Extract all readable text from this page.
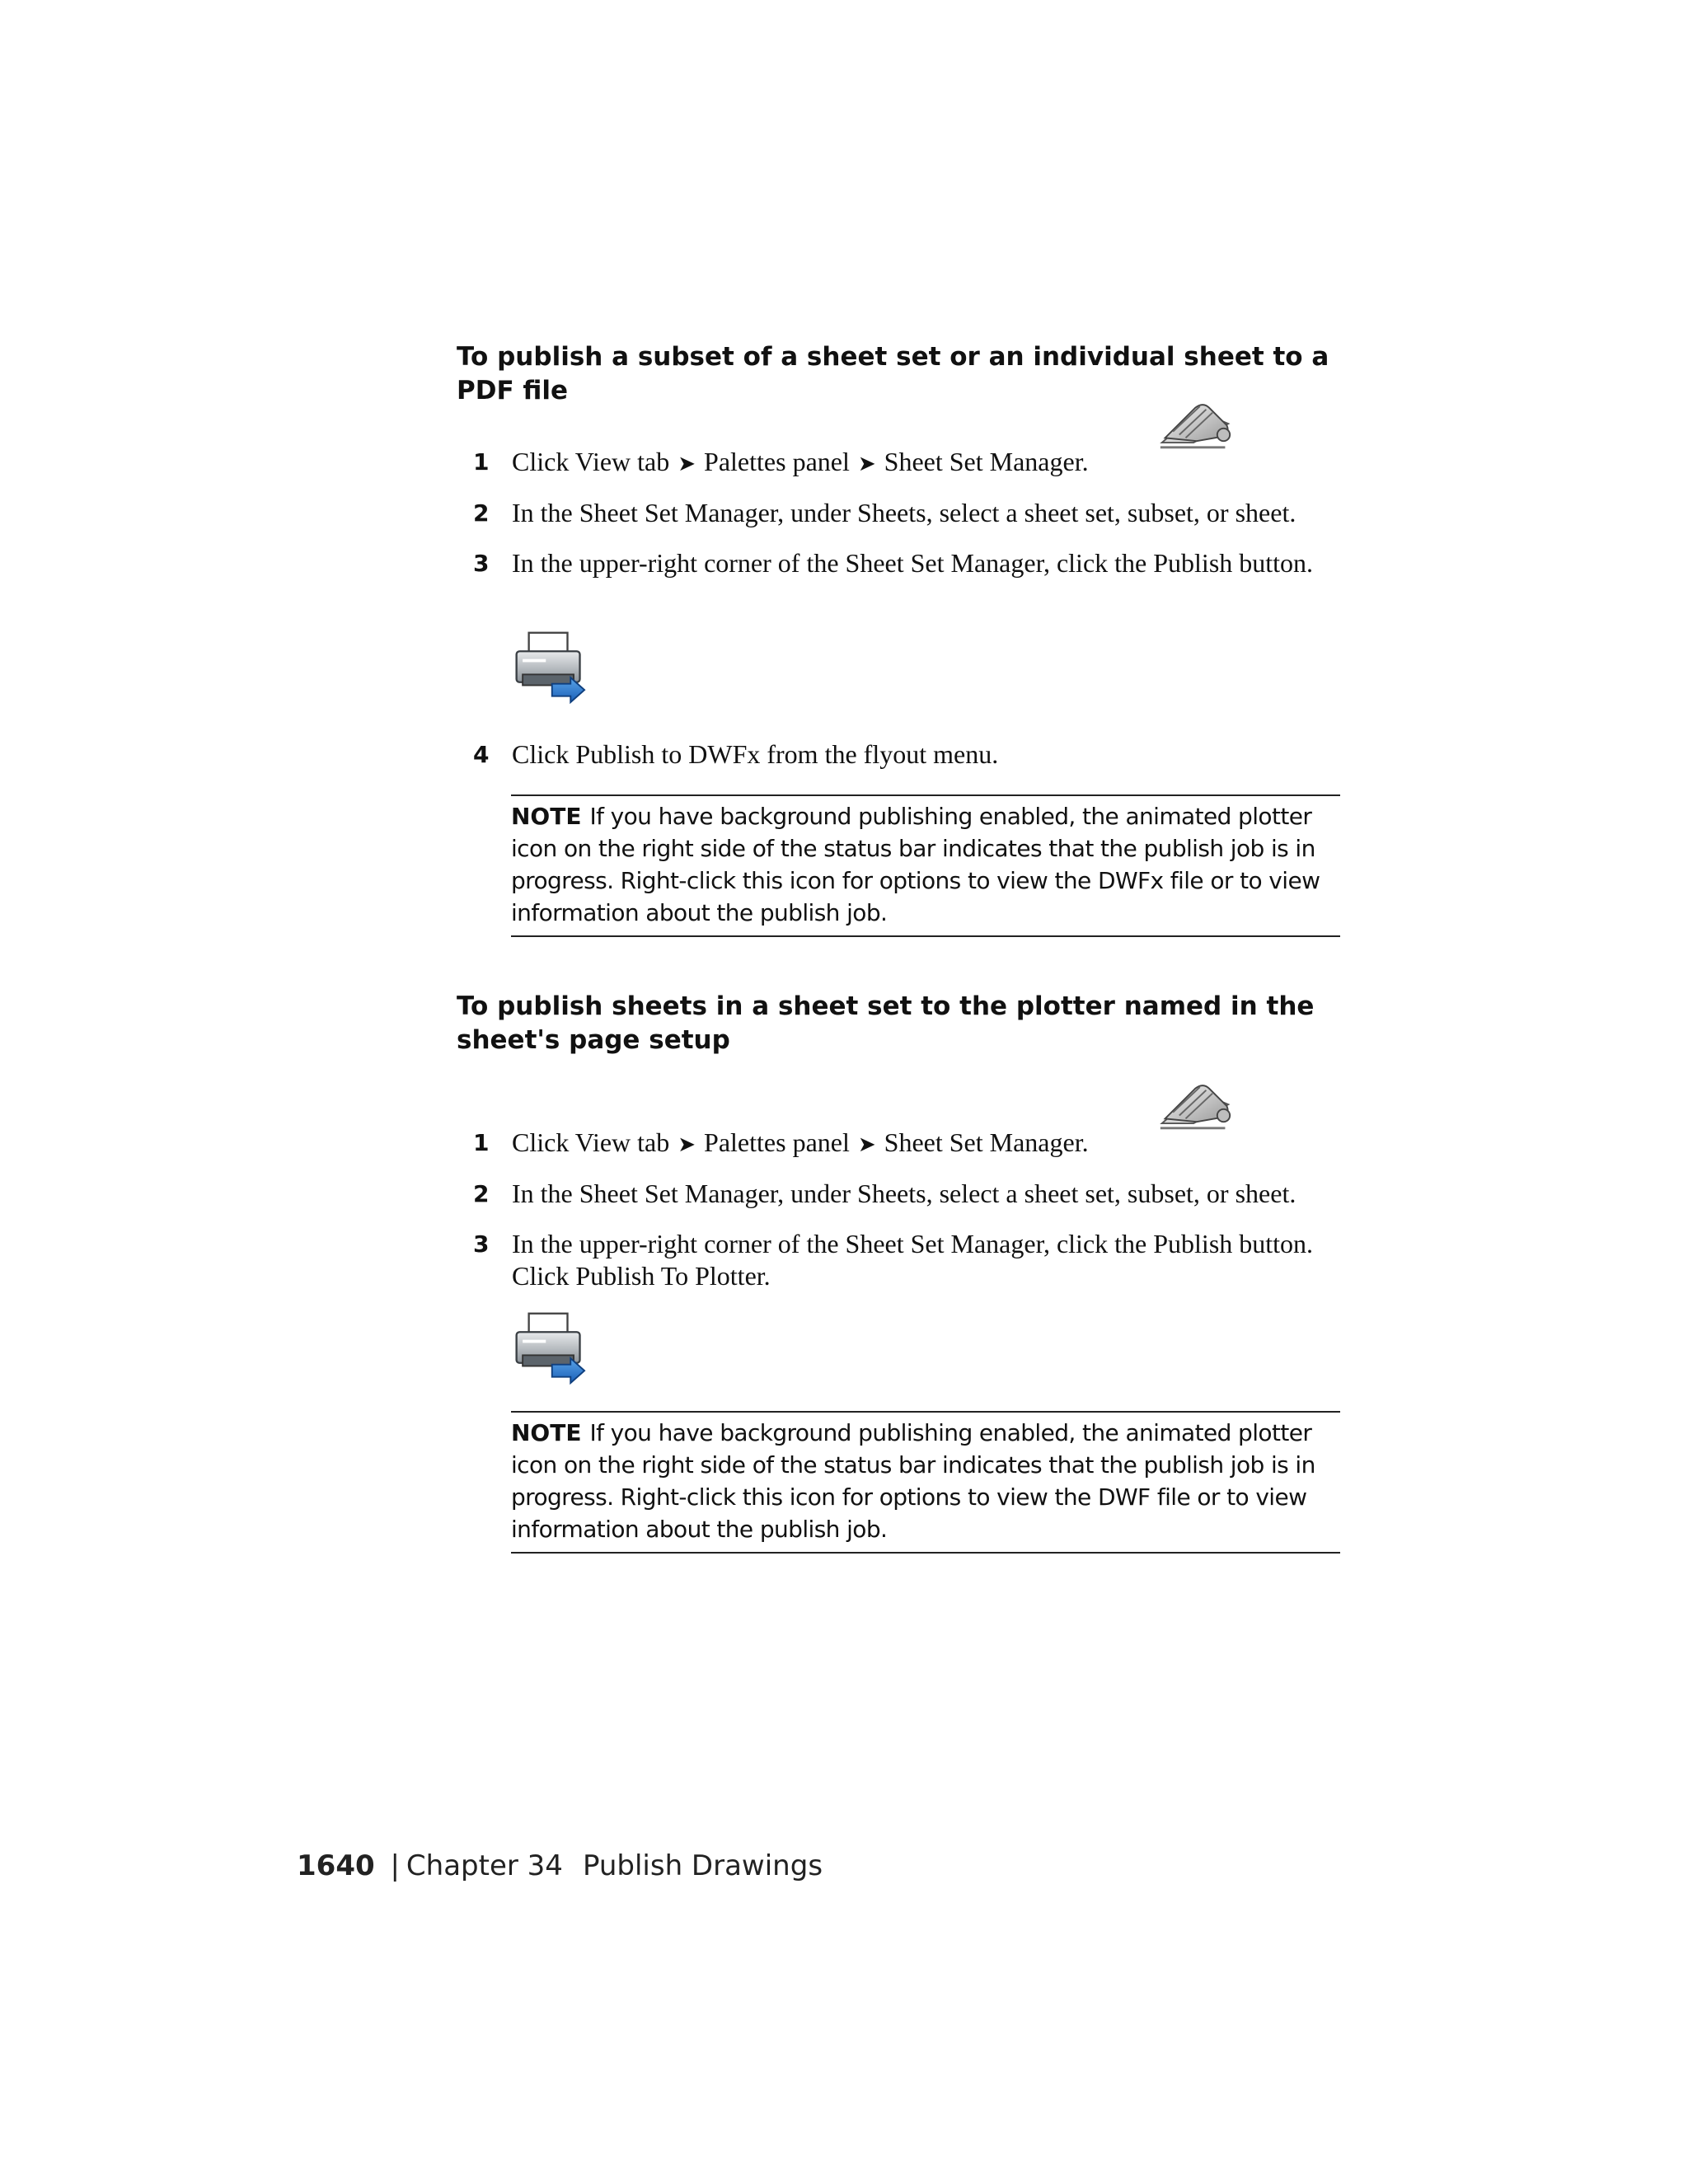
To publish a subset of a sheet set or an individual sheet to a PDF file
1 Click View tab ➤ Palettes panel ➤ Sheet Set Manager.
2 In the Sheet Set Manager, under Sheets, select a sheet set, subset, or sheet.
3 In the upper-right corner of the Sheet Set Manager, click the Publish button.
4 Click Publish to DWFx from the flyout menu.
NOTE If you have background publishing enabled, the animated plotter icon on the right side of the status bar indicates that the publish job is in progress. Right-click this icon for options to view the DWFx file or to view information about the publish job.
To publish sheets in a sheet set to the plotter named in the sheet's page setup
1 Click View tab ➤ Palettes panel ➤ Sheet Set Manager.
2 In the Sheet Set Manager, under Sheets, select a sheet set, subset, or sheet.
3 In the upper-right corner of the Sheet Set Manager, click the Publish button. Click Publish To Plotter.
NOTE If you have background publishing enabled, the animated plotter icon on the right side of the status bar indicates that the publish job is in progress. Right-click this icon for options to view the DWF file or to view information about the publish job.
1640 | Chapter 34 Publish Drawings
